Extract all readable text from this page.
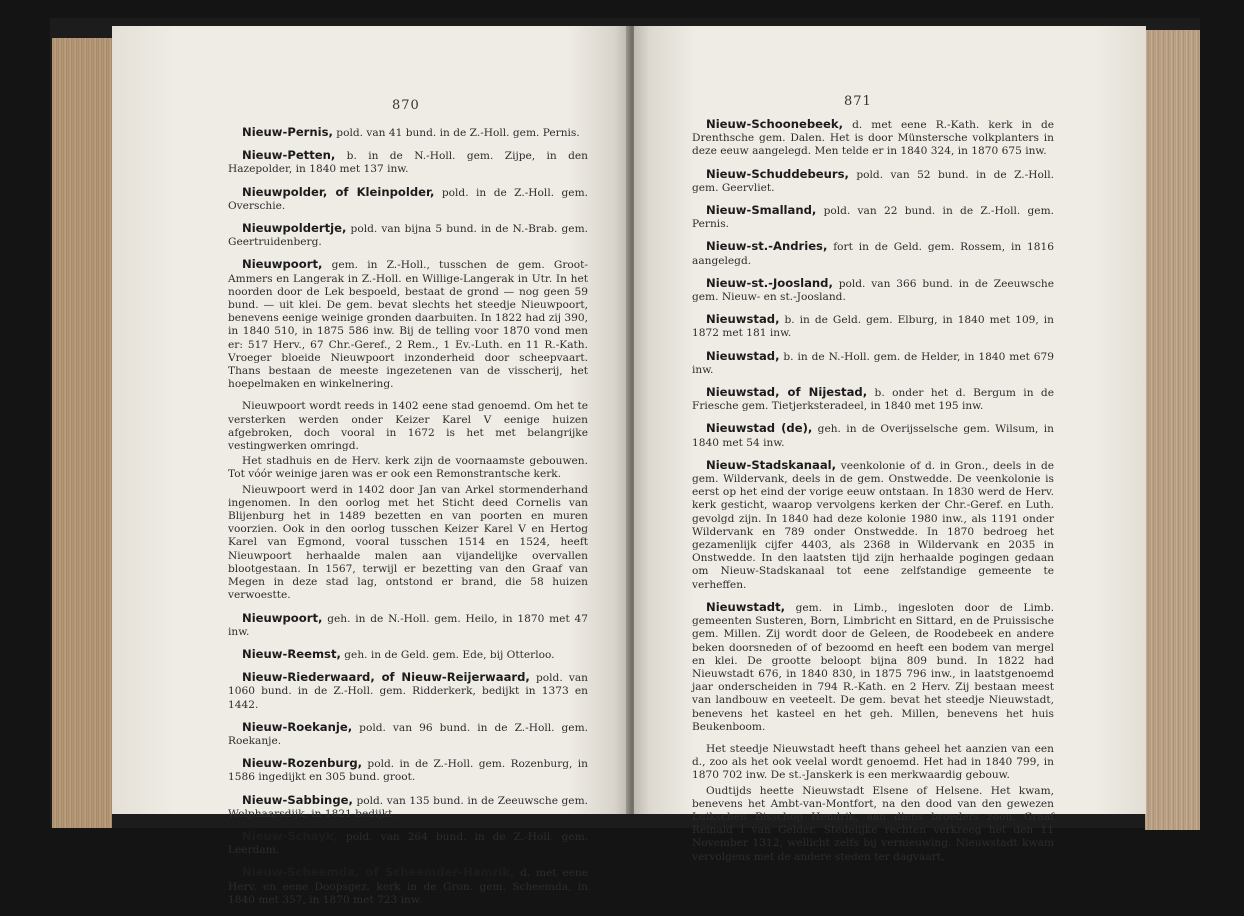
870

Nieuw-Pernis, pold. van 41 bund. in de Z.-Holl. gem. Pernis.

Nieuw-Petten, b. in de N.-Holl. gem. Zijpe, in den Hazepolder, in 1840 met 137 inw.

Nieuwpolder, of Kleinpolder, pold. in de Z.-Holl. gem. Overschie.

Nieuwpoldertje, pold. van bijna 5 bund. in de N.-Brab. gem. Geertruidenberg.

Nieuwpoort, gem. in Z.-Holl., tusschen de gem. Groot-Ammers en Langerak in Z.-Holl. en Willige-Langerak in Utr. In het noorden door de Lek bespoeld, bestaat de grond — nog geen 59 bund. — uit klei. De gem. bevat slechts het steedje Nieuwpoort, benevens eenige weinige gronden daarbuiten. In 1822 had zij 390, in 1840 510, in 1875 586 inw. Bij de telling voor 1870 vond men er: 517 Herv., 67 Chr.-Geref., 2 Rem., 1 Ev.-Luth. en 11 R.-Kath. Vroeger bloeide Nieuwpoort inzonderheid door scheepvaart. Thans bestaan de meeste ingezetenen van de visscherij, het hoepelmaken en winkelnering.

Nieuwpoort wordt reeds in 1402 eene stad genoemd. Om het te versterken werden onder Keizer Karel V eenige huizen afgebroken, doch vooral in 1672 is het met belangrijke vestingwerken omringd.

Het stadhuis en de Herv. kerk zijn de voornaamste gebouwen. Tot vóór weinige jaren was er ook een Remonstrantsche kerk.

Nieuwpoort werd in 1402 door Jan van Arkel stormenderhand ingenomen. In den oorlog met het Sticht deed Cornelis van Blijenburg het in 1489 bezetten en van poorten en muren voorzien. Ook in den oorlog tusschen Keizer Karel V en Hertog Karel van Egmond, vooral tusschen 1514 en 1524, heeft Nieuwpoort herhaalde malen aan vijandelijke overvallen blootgestaan. In 1567, terwijl er bezetting van den Graaf van Megen in deze stad lag, ontstond er brand, die 58 huizen verwoestte.

Nieuwpoort, geh. in de N.-Holl. gem. Heilo, in 1870 met 47 inw.

Nieuw-Reemst, geh. in de Geld. gem. Ede, bij Otterloo.

Nieuw-Riederwaard, of Nieuw-Reijerwaard, pold. van 1060 bund. in de Z.-Holl. gem. Ridderkerk, bedijkt in 1373 en 1442.

Nieuw-Roekanje, pold. van 96 bund. in de Z.-Holl. gem. Roekanje.

Nieuw-Rozenburg, pold. in de Z.-Holl. gem. Rozenburg, in 1586 ingedijkt en 305 bund. groot.

Nieuw-Sabbinge, pold. van 135 bund. in de Zeeuwsche gem. Wolphaarsdijk, in 1821 bedijkt.

Nieuw-Schayk, pold. van 264 bund. in de Z.-Holl. gem. Leerdam.

Nieuw-Scheemda, of Scheemder-Hamrik, d. met eene Herv. en eene Doopsgez. kerk in de Gron. gem. Scheemda, in 1840 met 357, in 1870 met 723 inw.

871

Nieuw-Schoonebeek, d. met eene R.-Kath. kerk in de Drenthsche gem. Dalen. Het is door Münstersche volkplanters in deze eeuw aangelegd. Men telde er in 1840 324, in 1870 675 inw.

Nieuw-Schuddebeurs, pold. van 52 bund. in de Z.-Holl. gem. Geervliet.

Nieuw-Smalland, pold. van 22 bund. in de Z.-Holl. gem. Pernis.

Nieuw-st.-Andries, fort in de Geld. gem. Rossem, in 1816 aangelegd.

Nieuw-st.-Joosland, pold. van 366 bund. in de Zeeuwsche gem. Nieuw- en st.-Joosland.

Nieuwstad, b. in de Geld. gem. Elburg, in 1840 met 109, in 1872 met 181 inw.

Nieuwstad, b. in de N.-Holl. gem. de Helder, in 1840 met 679 inw.

Nieuwstad, of Nijestad, b. onder het d. Bergum in de Friesche gem. Tietjerksteradeel, in 1840 met 195 inw.

Nieuwstad (de), geh. in de Overijsselsche gem. Wilsum, in 1840 met 54 inw.

Nieuw-Stadskanaal, veenkolonie of d. in Gron., deels in de gem. Wildervank, deels in de gem. Onstwedde. De veenkolonie is eerst op het eind der vorige eeuw ontstaan. In 1830 werd de Herv. kerk gesticht, waarop vervolgens kerken der Chr.-Geref. en Luth. gevolgd zijn. In 1840 had deze kolonie 1980 inw., als 1191 onder Wildervank en 789 onder Onstwedde. In 1870 bedroeg het gezamenlijk cijfer 4403, als 2368 in Wildervank en 2035 in Onstwedde. In den laatsten tijd zijn herhaalde pogingen gedaan om Nieuw-Stadskanaal tot eene zelfstandige gemeente te verheffen.

Nieuwstadt, gem. in Limb., ingesloten door de Limb. gemeenten Susteren, Born, Limbricht en Sittard, en de Pruissische gem. Millen. Zij wordt door de Geleen, de Roodebeek en andere beken doorsneden of of bezoomd en heeft een bodem van mergel en klei. De grootte beloopt bijna 809 bund. In 1822 had Nieuwstadt 676, in 1840 830, in 1875 796 inw., in laatstgenoemd jaar onderscheiden in 794 R.-Kath. en 2 Herv. Zij bestaan meest van landbouw en veeteelt. De gem. bevat het steedje Nieuwstadt, benevens het kasteel en het geh. Millen, benevens het huis Beukenboom.

Het steedje Nieuwstadt heeft thans geheel het aanzien van een d., zoo als het ook veelal wordt genoemd. Het had in 1840 799, in 1870 702 inw. De st.-Janskerk is een merkwaardig gebouw.

Oudtijds heette Nieuwstadt Elsene of Helsene. Het kwam, benevens het Ambt-van-Montfort, na den dood van den gewezen Luikschen Bisschop Hendrik, aan diens broeders zoon, Graaf Reinald I van Gelder. Stedelijke rechten verkreeg het den 11 November 1312, wellicht zelfs bij vernieuwing. Nieuwstadt kwam vervolgens met de andere steden ter dagvaart,
